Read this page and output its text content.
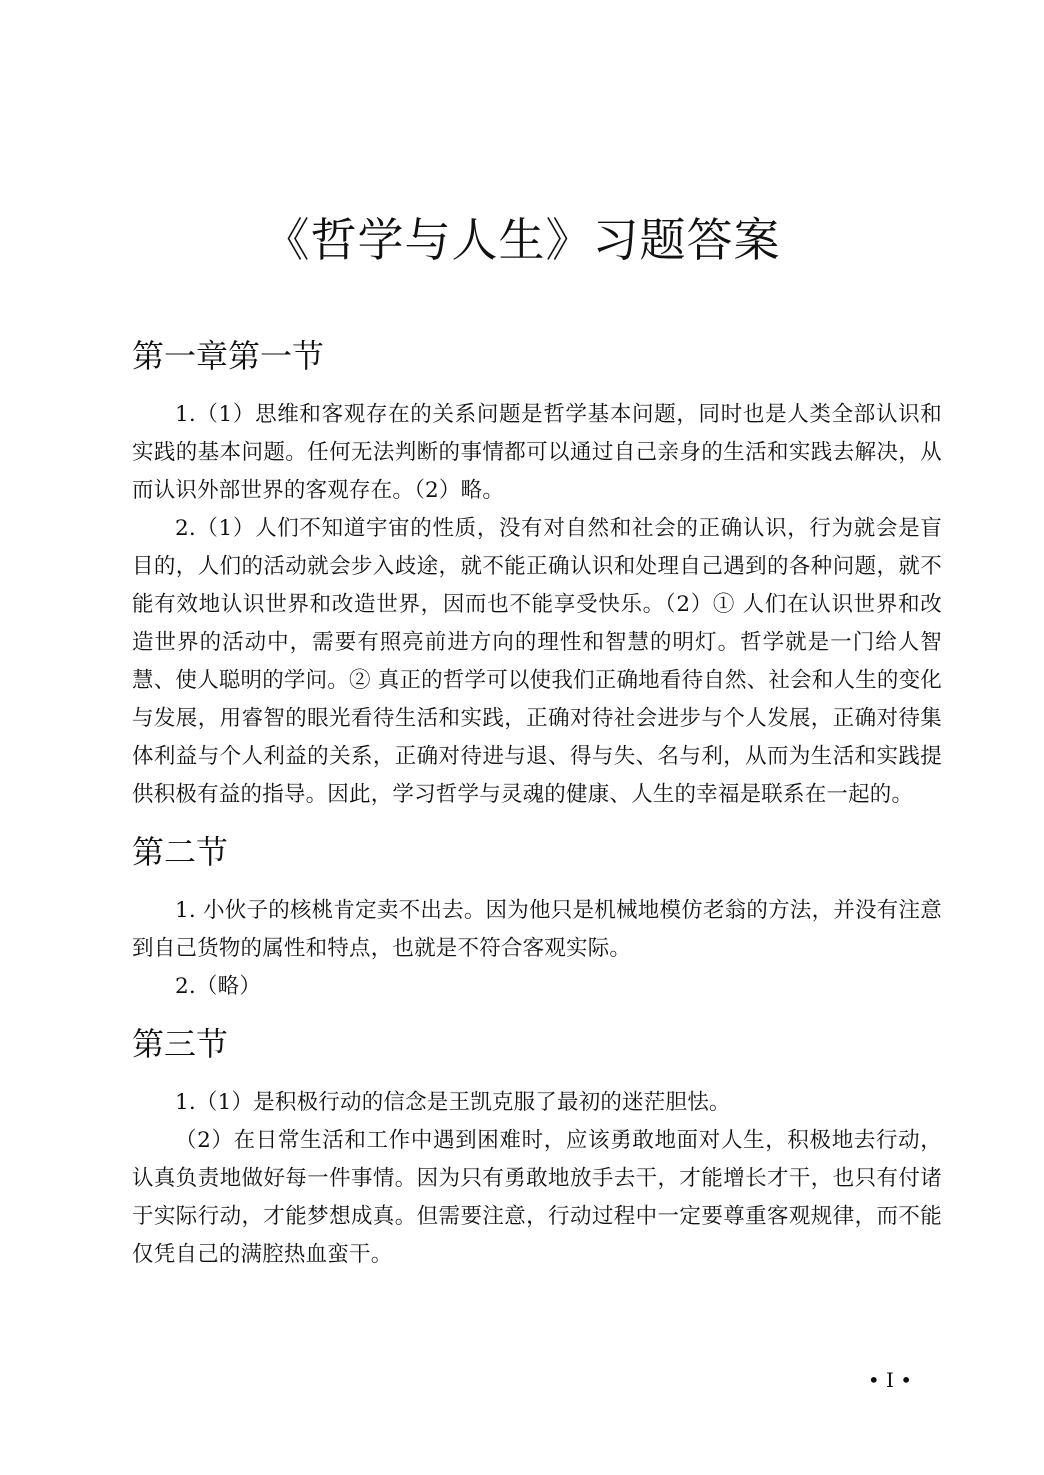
《哲学与人生》习题答案
第一章第一节

1.（1）思维和客观存在的关系问题是哲学基本问题，同时也是人类全部认识和实践的基本问题。任何无法判断的事情都可以通过自己亲身的生活和实践去解决，从而认识外部世界的客观存在。（2）略。

2.（1）人们不知道宇宙的性质，没有对自然和社会的正确认识，行为就会是盲目的，人们的活动就会步入歧途，就不能正确认识和处理自己遇到的各种问题，就不能有效地认识世界和改造世界，因而也不能享受快乐。（2）① 人们在认识世界和改造世界的活动中，需要有照亮前进方向的理性和智慧的明灯。哲学就是一门给人智慧、使人聪明的学问。② 真正的哲学可以使我们正确地看待自然、社会和人生的变化与发展，用睿智的眼光看待生活和实践，正确对待社会进步与个人发展，正确对待集体利益与个人利益的关系，正确对待进与退、得与失、名与利，从而为生活和实践提供积极有益的指导。因此，学习哲学与灵魂的健康、人生的幸福是联系在一起的。

第二节

1. 小伙子的核桃肯定卖不出去。因为他只是机械地模仿老翁的方法，并没有注意到自己货物的属性和特点，也就是不符合客观实际。

2.（略）

第三节

1.（1）是积极行动的信念是王凯克服了最初的迷茫胆怯。

（2）在日常生活和工作中遇到困难时，应该勇敢地面对人生，积极地去行动，认真负责地做好每一件事情。因为只有勇敢地放手去干，才能增长才干，也只有付诸于实际行动，才能梦想成真。但需要注意，行动过程中一定要尊重客观规律，而不能仅凭自己的满腔热血蛮干。

• I •
